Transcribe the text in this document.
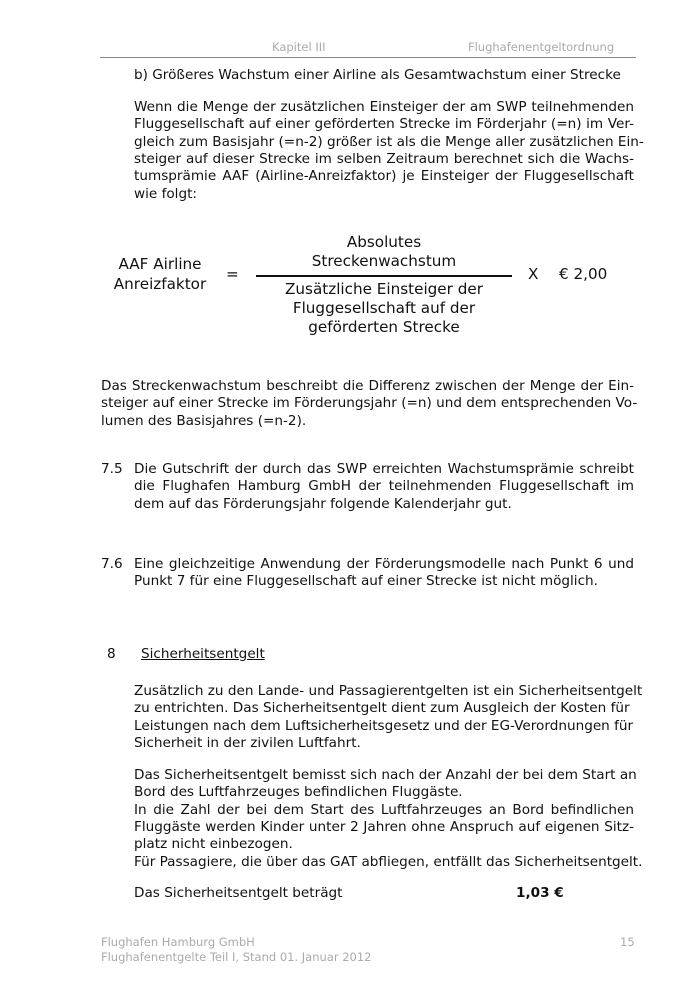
Kapitel III	Flughafenentgeltordnung
b) Größeres Wachstum einer Airline als Gesamtwachstum einer Strecke
Wenn die Menge der zusätzlichen Einsteiger der am SWP teilnehmenden
Fluggesellschaft auf einer geförderten Strecke im Förderjahr (=n) im Ver-
gleich zum Basisjahr (=n-2) größer ist als die Menge aller zusätzlichen Ein-
steiger auf dieser Strecke im selben Zeitraum berechnet sich die Wachs-
tumsprämie AAF (Airline-Anreizfaktor) je Einsteiger der Fluggesellschaft
wie folgt:
AAF Airline
Anreizfaktor
=
Absolutes
Streckenwachstum
Zusätzliche Einsteiger der
Fluggesellschaft auf der
geförderten Strecke
X € 2,00
Das Streckenwachstum beschreibt die Differenz zwischen der Menge der Ein-
steiger auf einer Strecke im Förderungsjahr (=n) und dem entsprechenden Vo-
lumen des Basisjahres (=n-2).
7.5 Die Gutschrift der durch das SWP erreichten Wachstumsprämie schreibt
die Flughafen Hamburg GmbH der teilnehmenden Fluggesellschaft im
dem auf das Förderungsjahr folgende Kalenderjahr gut.
7.6 Eine gleichzeitige Anwendung der Förderungsmodelle nach Punkt 6 und
Punkt 7 für eine Fluggesellschaft auf einer Strecke ist nicht möglich.
8 Sicherheitsentgelt
Zusätzlich zu den Lande- und Passagierentgelten ist ein Sicherheitsentgelt
zu entrichten. Das Sicherheitsentgelt dient zum Ausgleich der Kosten für
Leistungen nach dem Luftsicherheitsgesetz und der EG-Verordnungen für
Sicherheit in der zivilen Luftfahrt.
Das Sicherheitsentgelt bemisst sich nach der Anzahl der bei dem Start an
Bord des Luftfahrzeuges befindlichen Fluggäste.
In die Zahl der bei dem Start des Luftfahrzeuges an Bord befindlichen
Fluggäste werden Kinder unter 2 Jahren ohne Anspruch auf eigenen Sitz-
platz nicht einbezogen.
Für Passagiere, die über das GAT abfliegen, entfällt das Sicherheitsentgelt.
Das Sicherheitsentgelt beträgt	1,03 €
Flughafen Hamburg GmbH
Flughafenentgelte Teil I, Stand 01. Januar 2012
15
